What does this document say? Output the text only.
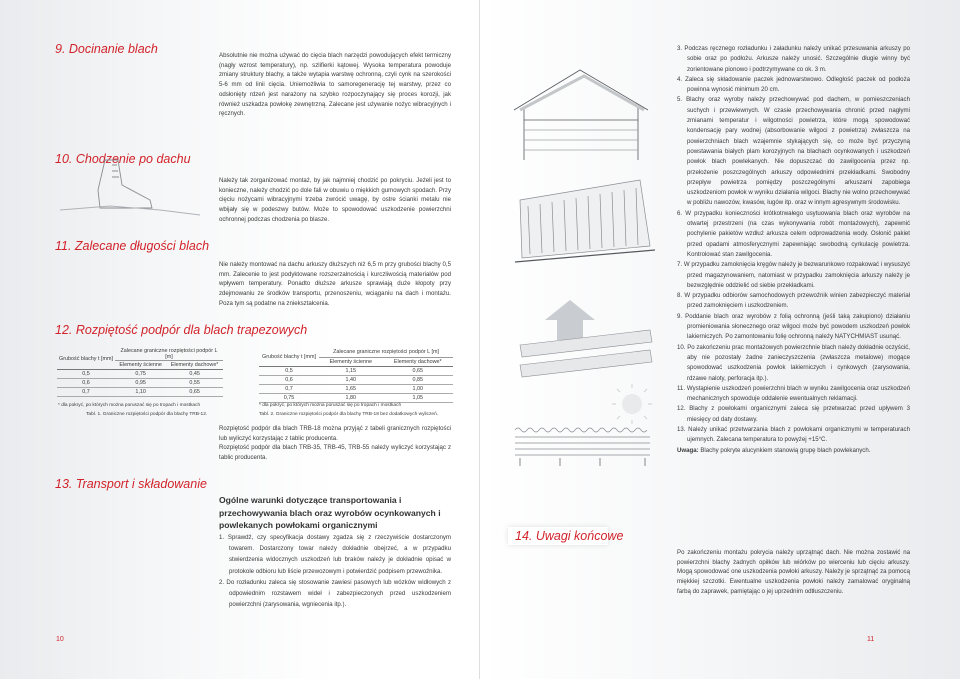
9. Docinanie blach	Absolutnie nie można używać do cięcia blach narzędzi powodujących efekt termiczny (nagły wzrost temperatury), np. szlifierki kątowej. Wysoka temperatura powoduje zmiany struktury blachy, a także wytapia warstwę ochronną, czyli cynk na szerokości 5-6 mm od linii cięcia. Uniemożliwia to samoregenerację tej warstwy, przez co odsłonięty rdzeń jest narażony na szybko rozpoczynający się proces korozji, jak również uszkadza powłokę zewnętrzną. Zalecane jest używanie nożyc wibracyjnych i ręcznych.
10. Chodzenie po dachu
Należy tak zorganizować montaż, by jak najmniej chodzić po pokryciu. Jeżeli jest to konieczne, należy chodzić po dole fali w obuwiu o miękkich gumowych spodach. Przy cięciu nożycami wibracyjnymi trzeba zwrócić uwagę, by ostre ścianki metalu nie wbijały się w podeszwy butów. Może to spowodować uszkodzenie powierzchni ochronnej podczas chodzenia po blasze.
11. Zalecane długości blach
Nie należy montować na dachu arkuszy dłuższych niż 6,5 m przy grubości blachy 0,5 mm. Zalecenie to jest podyktowane rozszerzalnością i kurczliwością materiałów pod wpływem temperatury. Ponadto dłuższe arkusze sprawiają duże kłopoty przy zdejmowaniu ze środków transportu, przenoszeniu, wciąganiu na dach i montażu. Poza tym są podatne na zniekształcenia.
12. Rozpiętość podpór dla blach trapezowych
Grubość blachy t [mm]	Zalecane graniczne rozpiętości podpór L [m]	
	Elementy ścienne	Elementy dachowe*
0,5	0,75	0,45
0,6	0,95	0,55
0,7	1,10	0,65
* dla pokryć, po których można poruszać się po tropach i mostkach
Tabl. 1. Graniczne rozpiętości podpór dla blachy TRB-12.
Grubość blachy t [mm]	Zalecane graniczne rozpiętości podpór L [m]	
	Elementy ścienne	Elementy dachowe*
0,5	1,15	0,65
0,6	1,40	0,85
0,7	1,65	1,00
0,75	1,80	1,05
* dla pokryć, po których można poruszać się po tropach i mostkach
Tabl. 2. Graniczne rozpiętości podpór dla blachy TRB-18 bez dodatkowych wyliczeń.
Rozpiętość podpór dla blach TRB-18 można przyjąć z tabeli granicznych rozpiętości lub wyliczyć korzystając z tablic producenta.
Rozpiętość podpór dla blach TRB-35, TRB-45, TRB-55 należy wyliczyć korzystając z tablic producenta.
13. Transport i składowanie
Ogólne warunki dotyczące transportowania i przechowywania blach oraz wyrobów ocynkowanych i powlekanych powłokami organicznymi
1. Sprawdź, czy specyfikacja dostawy zgadza się z rzeczywiście dostarczonym towarem. Dostarczony towar należy dokładnie obejrzeć, a w przypadku stwierdzenia widocznych uszkodzeń lub braków należy je dokładnie opisać w protokole odbioru lub liście przewozowym i potwierdzić podpisem przewoźnika.
2. Do rozładunku zaleca się stosowanie zawiesi pasowych lub wózków widłowych z odpowiednim rozstawem wideł i zabezpieczonych przed uszkodzeniem powierzchni (zarysowania, wgniecenia itp.).
10
3. Podczas ręcznego rozładunku i załadunku należy unikać przesuwania arkuszy po sobie oraz po podłożu. Arkusze należy unosić. Szczególnie długie winny być zorientowane pionowo i podtrzymywane co ok. 3 m.
4. Zaleca się składowanie paczek jednowarstwowo. Odległość paczek od podłoża powinna wynosić minimum 20 cm.
5. Blachy oraz wyroby należy przechowywać pod dachem, w pomieszczeniach suchych i przewiewnych. W czasie przechowywania chronić przed nagłymi zmianami temperatur i wilgotności powietrza, które mogą spowodować kondensację pary wodnej (absorbowanie wilgoci z powietrza) zwłaszcza na powierzchniach blach wzajemnie stykających się, co może być przyczyną powstawania białych plam korozyjnych na blachach ocynkowanych i uszkodzeń powłok blach powlekanych. Nie dopuszczać do zawilgocenia przez np. przełożenie poszczególnych arkuszy odpowiednimi przekładkami. Swobodny przepływ powietrza pomiędzy poszczególnymi arkuszami zapobiega uszkodzeniom powłok w wyniku działania wilgoci. Blachy nie wolno przechowywać w pobliżu nawozów, kwasów, ługów itp. oraz w innym agresywnym środowisku.
6. W przypadku konieczności krótkotrwałego usytuowania blach oraz wyrobów na otwartej przestrzeni (na czas wykonywania robót montażowych), zapewnić pochylenie pakietów wzdłuż arkusza celem odprowadzenia wody. Osłonić pakiet przed opadami atmosferycznymi zapewniając swobodną cyrkulację powietrza. Kontrolować stan zawilgocenia.
7. W przypadku zamoknięcia kręgów należy je bezwarunkowo rozpakować i wysuszyć przed magazynowaniem, natomiast w przypadku zamoknięcia arkuszy należy je bezwzględnie oddzielić od siebie przekładkami.
8. W przypadku odbiorów samochodowych przewoźnik winien zabezpieczyć materiał przed zamoknięciem i uszkodzeniem.
9. Poddanie blach oraz wyrobów z folią ochronną (jeśli taką zakupiono) działaniu promieniowania słonecznego oraz wilgoci może być powodem uszkodzeń powłok lakierniczych. Po zamontowaniu folię ochronną należy NATYCHMIAST usunąć.
10. Po zakończeniu prac montażowych powierzchnie blach należy dokładnie oczyścić, aby nie pozostały żadne zanieczyszczenia (zwłaszcza metalowe) mogące spowodować uszkodzenia powłok lakierniczych i cynkowych (zarysowania, rdzawe naloty, perforacja itp.).
11. Wystąpienie uszkodzeń powierzchni blach w wyniku zawilgocenia oraz uszkodzeń mechanicznych spowoduje oddalenie ewentualnych reklamacji.
12. Blachy z powłokami organicznymi zaleca się przetwarzać przed upływem 3 miesięcy od daty dostawy.
13. Należy unikać przetwarzania blach z powłokami organicznymi w temperaturach ujemnych. Zalecana temperatura to powyżej +15°C.
Uwaga: Blachy pokryte alucynkiem stanowią grupę blach powlekanych.
Po zakończeniu montażu pokrycia należy uprzątnąć dach. Nie można zostawić na powierzchni blachy żadnych opiłków lub wiórków po wierceniu lub cięciu arkuszy. Mogą spowodować one uszkodzenia powłoki arkuszy. Należy je sprzątnąć za pomocą miękkiej szczotki. Ewentualne uszkodzenia powłoki należy zamalować oryginalną farbą do zaprawek, pamiętając o jej uprzednim odtłuszczeniu.
11
14. Uwagi końcowe
